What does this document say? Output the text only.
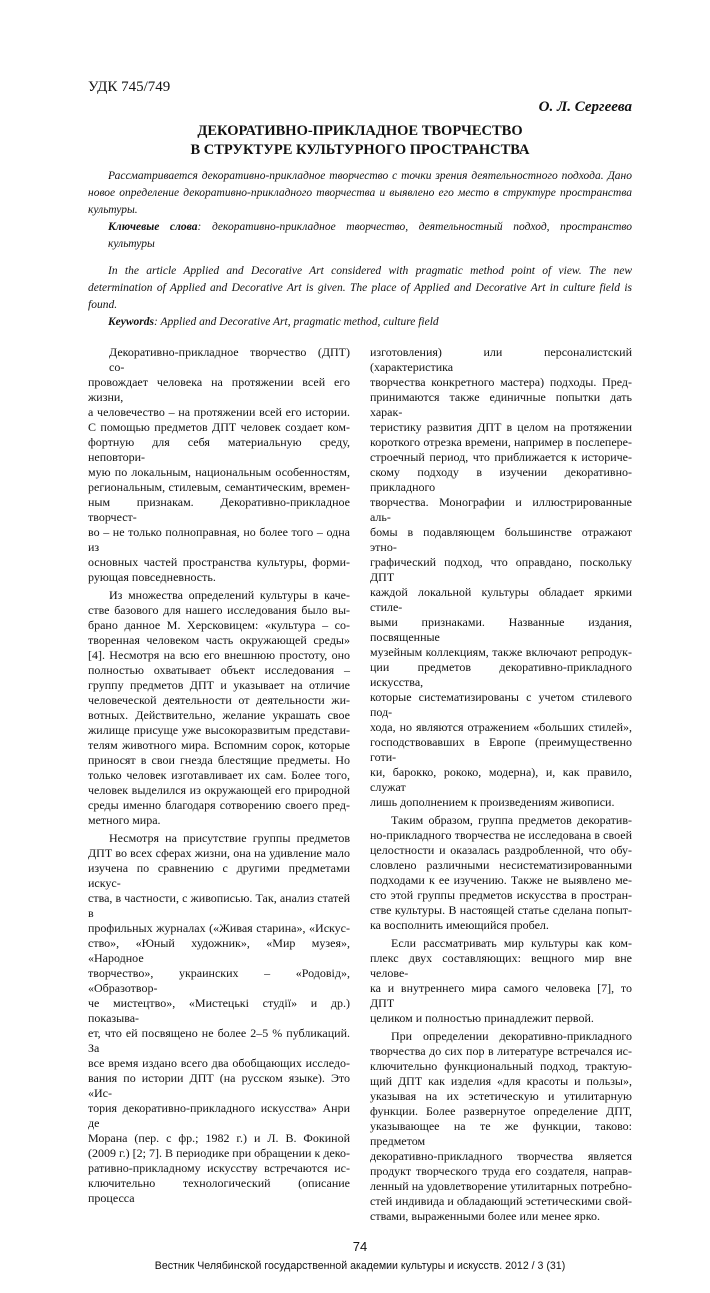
УДК 745/749
О. Л. Сергеева
ДЕКОРАТИВНО-ПРИКЛАДНОЕ ТВОРЧЕСТВО
В СТРУКТУРЕ КУЛЬТУРНОГО ПРОСТРАНСТВА
Рассматривается декоративно-прикладное творчество с точки зрения деятельностного подхода. Дано новое определение декоративно-прикладного творчества и выявлено его место в структуре пространства культуры.
Ключевые слова: декоративно-прикладное творчество, деятельностный подход, пространство культуры
In the article Applied and Decorative Art considered with pragmatic method point of view. The new determination of Applied and Decorative Art is given. The place of Applied and Decorative Art in culture field is found.
Keywords: Applied and Decorative Art, pragmatic method, culture field
Декоративно-прикладное творчество (ДПТ) со-
провождает человека на протяжении всей его жизни,
а человечество – на протяжении всей его истории.
С помощью предметов ДПТ человек создает ком-
фортную для себя материальную среду, неповтори-
мую по локальным, национальным особенностям,
региональным, стилевым, семантическим, времен-
ным признакам. Декоративно-прикладное творчест-
во – не только полноправная, но более того – одна из
основных частей пространства культуры, форми-
рующая повседневность.
Из множества определений культуры в каче-
стве базового для нашего исследования было вы-
брано данное М. Херсковицем: «культура – со-
творенная человеком часть окружающей среды»
[4]. Несмотря на всю его внешнюю простоту, оно
полностью охватывает объект исследования –
группу предметов ДПТ и указывает на отличие
человеческой деятельности от деятельности жи-
вотных. Действительно, желание украшать свое
жилище присуще уже высокоразвитым представи-
телям животного мира. Вспомним сорок, которые
приносят в свои гнезда блестящие предметы. Но
только человек изготавливает их сам. Более того,
человек выделился из окружающей его природной
среды именно благодаря сотворению своего пред-
метного мира.
Несмотря на присутствие группы предметов
ДПТ во всех сферах жизни, она на удивление мало
изучена по сравнению с другими предметами искус-
ства, в частности, с живописью. Так, анализ статей в
профильных журналах («Живая старина», «Искус-
ство», «Юный художник», «Мир музея», «Народное
творчество», украинских – «Родовід», «Образотвор-
че мистецтво», «Мистецькі студії» и др.) показыва-
ет, что ей посвящено не более 2–5 % публикаций. За
все время издано всего два обобщающих исследо-
вания по истории ДПТ (на русском языке). Это «Ис-
тория декоративно-прикладного искусства» Анри де
Морана (пер. с фр.; 1982 г.) и Л. В. Фокиной
(2009 г.) [2; 7]. В периодике при обращении к деко-
ративно-прикладному искусству встречаются ис-
ключительно технологический (описание процесса
изготовления) или персоналистский (характеристика
творчества конкретного мастера) подходы. Пред-
принимаются также единичные попытки дать харак-
теристику развития ДПТ в целом на протяжении
короткого отрезка времени, например в послепере-
строечный период, что приближается к историче-
скому подходу в изучении декоративно-прикладного
творчества. Монографии и иллюстрированные аль-
бомы в подавляющем большинстве отражают этно-
графический подход, что оправдано, поскольку ДПТ
каждой локальной культуры обладает яркими стиле-
выми признаками. Названные издания, посвященные
музейным коллекциям, также включают репродук-
ции предметов декоративно-прикладного искусства,
которые систематизированы с учетом стилевого под-
хода, но являются отражением «больших стилей»,
господствовавших в Европе (преимущественно готи-
ки, барокко, рококо, модерна), и, как правило, служат
лишь дополнением к произведениям живописи.
Таким образом, группа предметов декоратив-
но-прикладного творчества не исследована в своей
целостности и оказалась раздробленной, что обу-
словлено различными несистематизированными
подходами к ее изучению. Также не выявлено ме-
сто этой группы предметов искусства в простран-
стве культуры. В настоящей статье сделана попыт-
ка восполнить имеющийся пробел.
Если рассматривать мир культуры как ком-
плекс двух составляющих: вещного мир вне челове-
ка и внутреннего мира самого человека [7], то ДПТ
целиком и полностью принадлежит первой.
При определении декоративно-прикладного
творчества до сих пор в литературе встречался ис-
ключительно функциональный подход, трактую-
щий ДПТ как изделия «для красоты и пользы»,
указывая на их эстетическую и утилитарную
функции. Более развернутое определение ДПТ,
указывающее на те же функции, таково: предметом
декоративно-прикладного творчества является
продукт творческого труда его создателя, направ-
ленный на удовлетворение утилитарных потребно-
стей индивида и обладающий эстетическими свой-
ствами, выраженными более или менее ярко.
74
Вестник Челябинской государственной академии культуры и искусств. 2012 / 3 (31)
